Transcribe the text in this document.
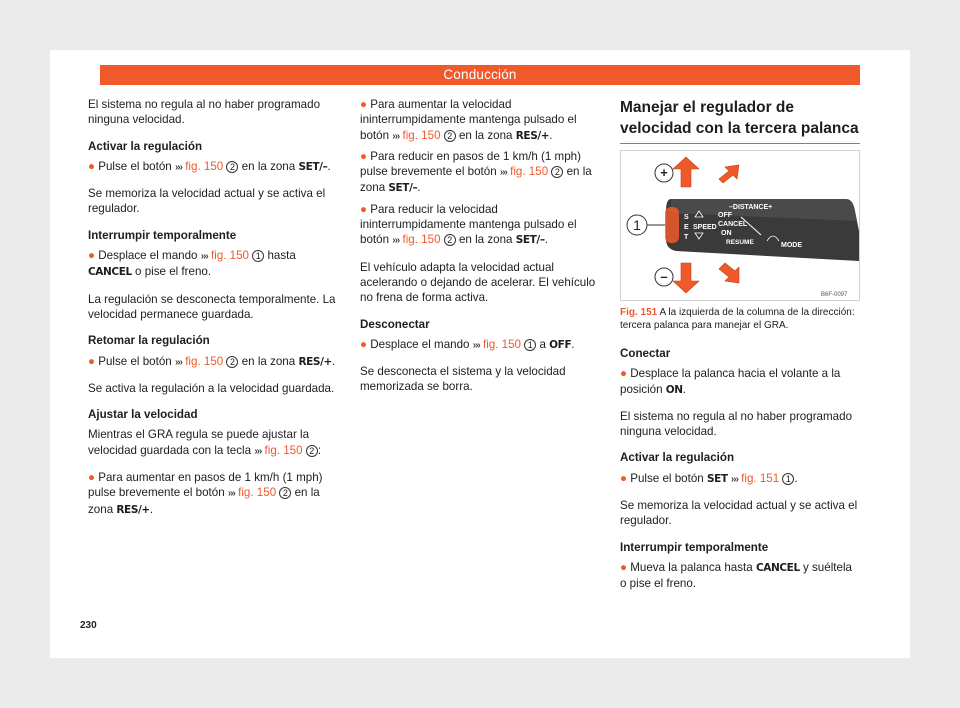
Conducción

El sistema no regula al no haber programado ninguna velocidad.

Activar la regulación

● Pulse el botón ››› fig. 150 2 en la zona SET/–.

Se memoriza la velocidad actual y se activa el regulador.

Interrumpir temporalmente

● Desplace el mando ››› fig. 150 1 hasta CANCEL o pise el freno.

La regulación se desconecta temporalmente. La velocidad permanece guardada.

Retomar la regulación

● Pulse el botón ››› fig. 150 2 en la zona RES/+.

Se activa la regulación a la velocidad guardada.

Ajustar la velocidad

Mientras el GRA regula se puede ajustar la velocidad guardada con la tecla ››› fig. 150 2 :

● Para aumentar en pasos de 1 km/h (1 mph) pulse brevemente el botón ››› fig. 150 2 en la zona RES/+.

● Para aumentar la velocidad ininterrumpidamente mantenga pulsado el botón ››› fig. 150 2 en la zona RES/+.

● Para reducir en pasos de 1 km/h (1 mph) pulse brevemente el botón ››› fig. 150 2 en la zona SET/–.

● Para reducir la velocidad ininterrumpidamente mantenga pulsado el botón ››› fig. 150 2 en la zona SET/–.

El vehículo adapta la velocidad actual acelerando o dejando de acelerar. El vehículo no frena de forma activa.

Desconectar

● Desplace el mando ››› fig. 150 1 a OFF.

Se desconecta el sistema y la velocidad memorizada se borra.

Manejar el regulador de velocidad con la tercera palanca
+
1
–
–DISTANCE+
S
E
T
SPEED
OFF
CANCEL
ON
RESUME	MODE
B6F-0097
Fig. 151 A la izquierda de la columna de la dirección: tercera palanca para manejar el GRA.

Conectar

● Desplace la palanca hacia el volante a la posición ON.

El sistema no regula al no haber programado ninguna velocidad.

Activar la regulación

● Pulse el botón SET ››› fig. 151 1 .

Se memoriza la velocidad actual y se activa el regulador.

Interrumpir temporalmente

● Mueva la palanca hasta CANCEL y suéltela o pise el freno.

230
